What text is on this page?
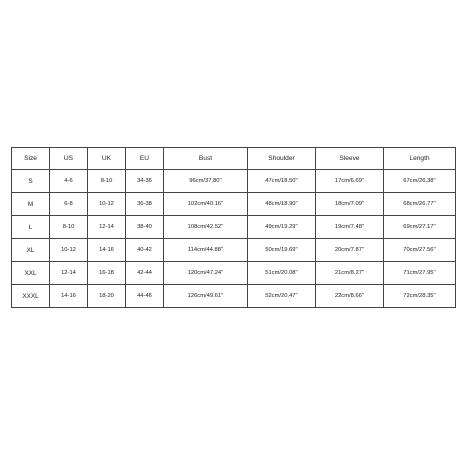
Size	US	UK	EU	Bust	Shoulder	Sleeve	Length
S	4-6	8-10	34-36	96cm/37.80''	47cm/18.50''	17cm/6.69''	67cm/26.38''
M	6-8	10-12	36-38	102cm/40.16''	48cm/18.90''	18cm/7.09''	68cm/26.77''
L	8-10	12-14	38-40	108cm/42.52''	49cm/19.29''	19cm/7.48''	69cm/27.17''
XL	10-12	14-16	40-42	114cm/44.88''	50cm/19.69''	20cm/7.87''	70cm/27.56''
XXL	12-14	16-18	42-44	120cm/47.24''	51cm/20.08''	21cm/8.27''	71cm/27.95''
XXXL	14-16	18-20	44-46	126cm/49.61''	52cm/20.47''	22cm/8.66''	72cm/28.35''
